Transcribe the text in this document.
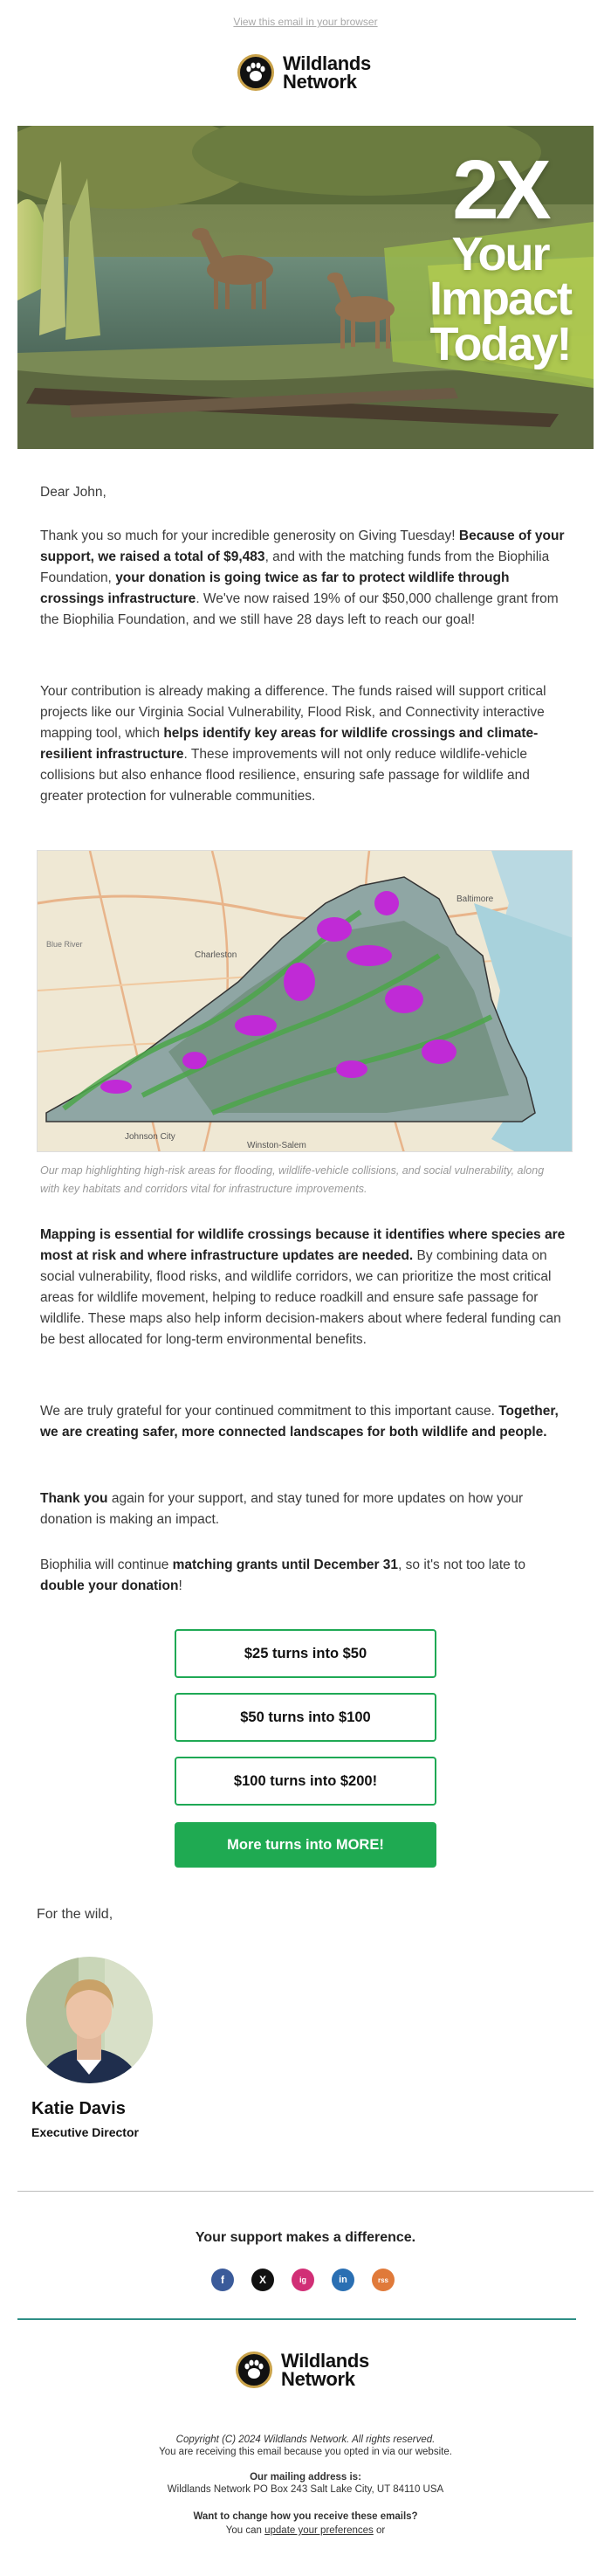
View this email in your browser
Wildlands
Network
2X
Your
Impact
Today!
Dear John,
Thank you so much for your incredible generosity on Giving Tuesday! Because of your support, we raised a total of $9,483, and with the matching funds from the Biophilia Foundation, your donation is going twice as far to protect wildlife through crossings infrastructure. We've now raised 19% of our $50,000 challenge grant from the Biophilia Foundation, and we still have 28 days left to reach our goal!
Your contribution is already making a difference. The funds raised will support critical projects like our Virginia Social Vulnerability, Flood Risk, and Connectivity interactive mapping tool, which helps identify key areas for wildlife crossings and climate-resilient infrastructure. These improvements will not only reduce wildlife-vehicle collisions but also enhance flood resilience, ensuring safe passage for wildlife and greater protection for vulnerable communities.
Baltimore
Charleston
Johnson City
Winston-Salem
Blue River
Our map highlighting high-risk areas for flooding, wildlife-vehicle collisions, and social vulnerability, along with key habitats and corridors vital for infrastructure improvements.
Mapping is essential for wildlife crossings because it identifies where species are most at risk and where infrastructure updates are needed. By combining data on social vulnerability, flood risks, and wildlife corridors, we can prioritize the most critical areas for wildlife movement, helping to reduce roadkill and ensure safe passage for wildlife. These maps also help inform decision-makers about where federal funding can be best allocated for long-term environmental benefits.
We are truly grateful for your continued commitment to this important cause. Together, we are creating safer, more connected landscapes for both wildlife and people.
Thank you again for your support, and stay tuned for more updates on how your donation is making an impact.
Biophilia will continue matching grants until December 31, so it's not too late to double your donation!
$25 turns into $50
$50 turns into $100
$100 turns into $200!
More turns into MORE!
For the wild,
Katie Davis
Executive Director
Your support makes a difference.
f	X	ig	in	rss
Wildlands
Network
Copyright (C) 2024 Wildlands Network. All rights reserved.
You are receiving this email because you opted in via our website.
Our mailing address is:
Wildlands Network PO Box 243 Salt Lake City, UT 84110 USA
Want to change how you receive these emails?
You can update your preferences or
